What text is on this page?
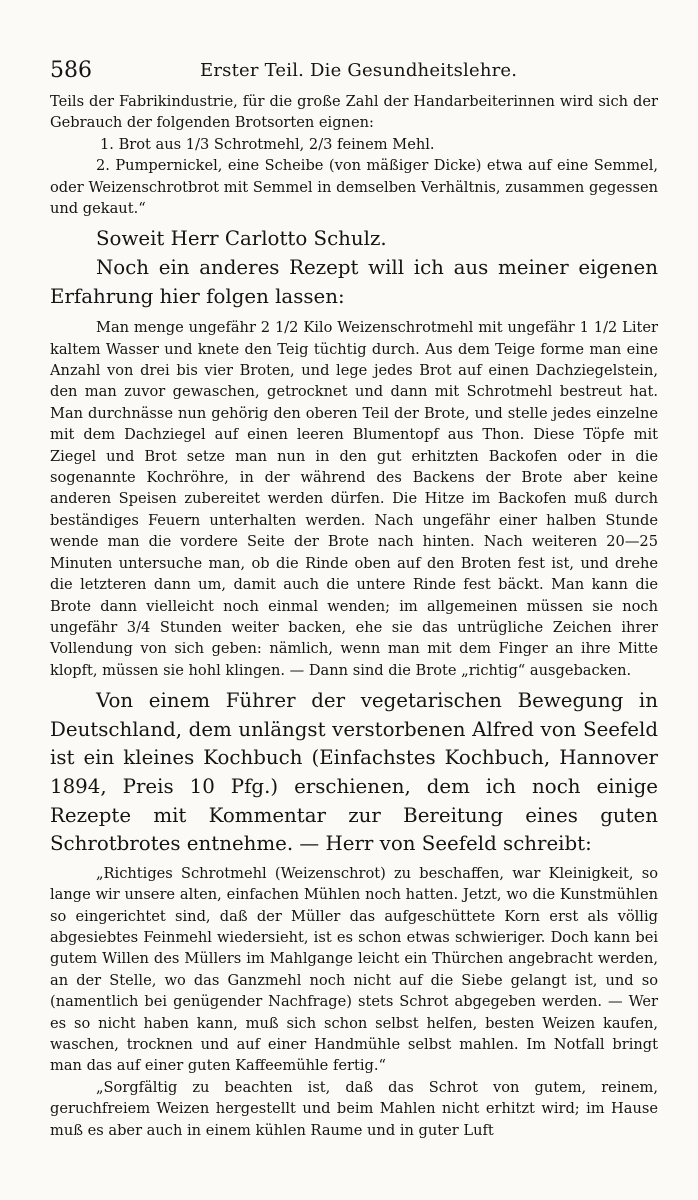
586	Erster Teil. Die Gesundheitslehre.

Teils der Fabrikindustrie, für die große Zahl der Handarbeiterinnen wird sich der Gebrauch der folgenden Brotsorten eignen:

1. Brot aus 1/3 Schrotmehl, 2/3 feinem Mehl.

2. Pumpernickel, eine Scheibe (von mäßiger Dicke) etwa auf eine Semmel, oder Weizenschrotbrot mit Semmel in demselben Verhältnis, zusammen gegessen und gekaut.“

Soweit Herr Carlotto Schulz.

Noch ein anderes Rezept will ich aus meiner eigenen Erfahrung hier folgen lassen:

Man menge ungefähr 2 1/2 Kilo Weizenschrotmehl mit ungefähr 1 1/2 Liter kaltem Wasser und knete den Teig tüchtig durch. Aus dem Teige forme man eine Anzahl von drei bis vier Broten, und lege jedes Brot auf einen Dachziegelstein, den man zuvor gewaschen, getrocknet und dann mit Schrotmehl bestreut hat. Man durchnässe nun gehörig den oberen Teil der Brote, und stelle jedes einzelne mit dem Dachziegel auf einen leeren Blumentopf aus Thon. Diese Töpfe mit Ziegel und Brot setze man nun in den gut erhitzten Backofen oder in die sogenannte Kochröhre, in der während des Backens der Brote aber keine anderen Speisen zubereitet werden dürfen. Die Hitze im Backofen muß durch beständiges Feuern unterhalten werden. Nach ungefähr einer halben Stunde wende man die vordere Seite der Brote nach hinten. Nach weiteren 20—25 Minuten untersuche man, ob die Rinde oben auf den Broten fest ist, und drehe die letzteren dann um, damit auch die untere Rinde fest bäckt. Man kann die Brote dann vielleicht noch einmal wenden; im allgemeinen müssen sie noch ungefähr 3/4 Stunden weiter backen, ehe sie das untrügliche Zeichen ihrer Vollendung von sich geben: nämlich, wenn man mit dem Finger an ihre Mitte klopft, müssen sie hohl klingen. — Dann sind die Brote „richtig“ ausgebacken.

Von einem Führer der vegetarischen Bewegung in Deutschland, dem unlängst verstorbenen Alfred von Seefeld ist ein kleines Kochbuch (Einfachstes Kochbuch, Hannover 1894, Preis 10 Pfg.) erschienen, dem ich noch einige Rezepte mit Kommentar zur Bereitung eines guten Schrotbrotes entnehme. — Herr von Seefeld schreibt:

„Richtiges Schrotmehl (Weizenschrot) zu beschaffen, war Kleinigkeit, so lange wir unsere alten, einfachen Mühlen noch hatten. Jetzt, wo die Kunstmühlen so eingerichtet sind, daß der Müller das aufgeschüttete Korn erst als völlig abgesiebtes Feinmehl wiedersieht, ist es schon etwas schwieriger. Doch kann bei gutem Willen des Müllers im Mahlgange leicht ein Thürchen angebracht werden, an der Stelle, wo das Ganzmehl noch nicht auf die Siebe gelangt ist, und so (namentlich bei genügender Nachfrage) stets Schrot abgegeben werden. — Wer es so nicht haben kann, muß sich schon selbst helfen, besten Weizen kaufen, waschen, trocknen und auf einer Handmühle selbst mahlen. Im Notfall bringt man das auf einer guten Kaffeemühle fertig.“

„Sorgfältig zu beachten ist, daß das Schrot von gutem, reinem, geruchfreiem Weizen hergestellt und beim Mahlen nicht erhitzt wird; im Hause muß es aber auch in einem kühlen Raume und in guter Luft
